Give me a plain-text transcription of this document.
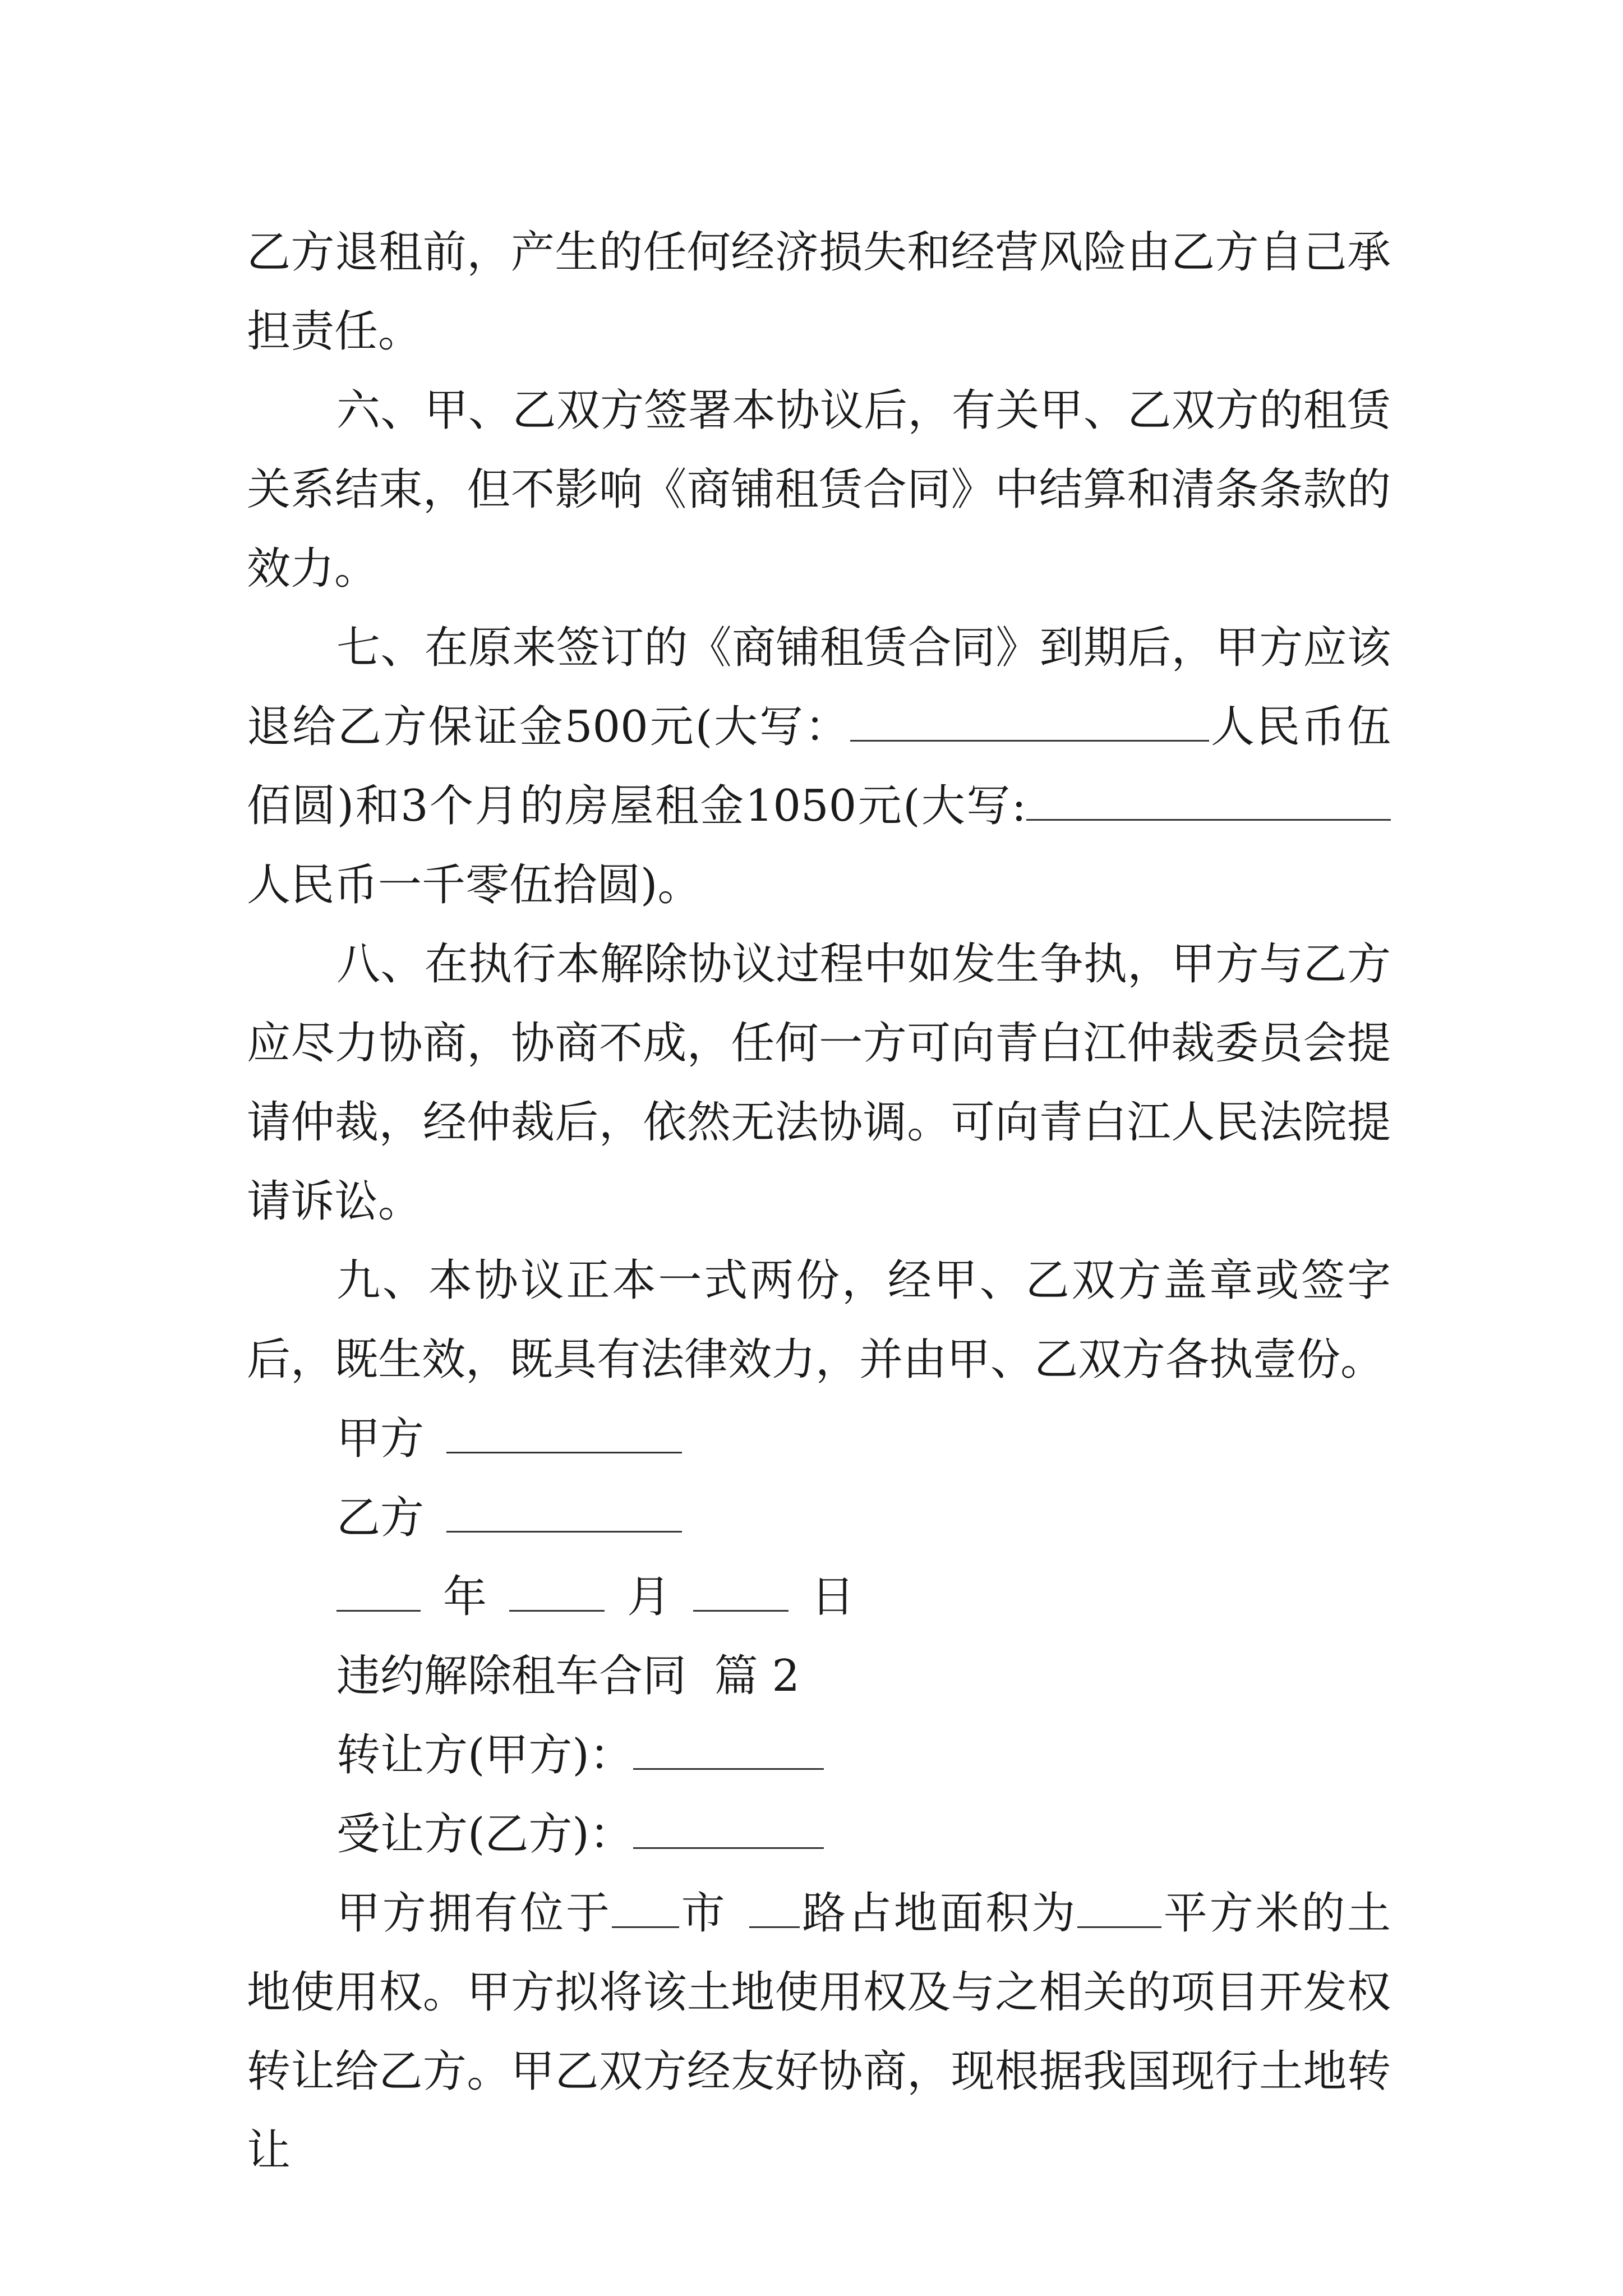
乙方退租前，产生的任何经济损失和经营风险由乙方自己承担责任。

六、甲、乙双方签署本协议后，有关甲、乙双方的租赁关系结束，但不影响《商铺租赁合同》中结算和清条条款的效力。

七、在原来签订的《商铺租赁合同》到期后，甲方应该退给乙方保证金500元(大写：	人民币伍佰圆)和3个月的房屋租金1050元(大写:人民币一千零伍拾圆)。

八、在执行本解除协议过程中如发生争执，甲方与乙方应尽力协商，协商不成，任何一方可向青白江仲裁委员会提请仲裁，经仲裁后，依然无法协调。可向青白江人民法院提请诉讼。

九、本协议正本一式两份，经甲、乙双方盖章或签字后，既生效，既具有法律效力，并由甲、乙双方各执壹份。

甲方

乙方

年	月	日

违约解除租车合同  篇 2

转让方(甲方)：

受让方(乙方)：

甲方拥有位于 市 路占地面积为 平方米的土地使用权。甲方拟将该土地使用权及与之相关的项目开发权转让给乙方。甲乙双方经友好协商，现根据我国现行土地转让
